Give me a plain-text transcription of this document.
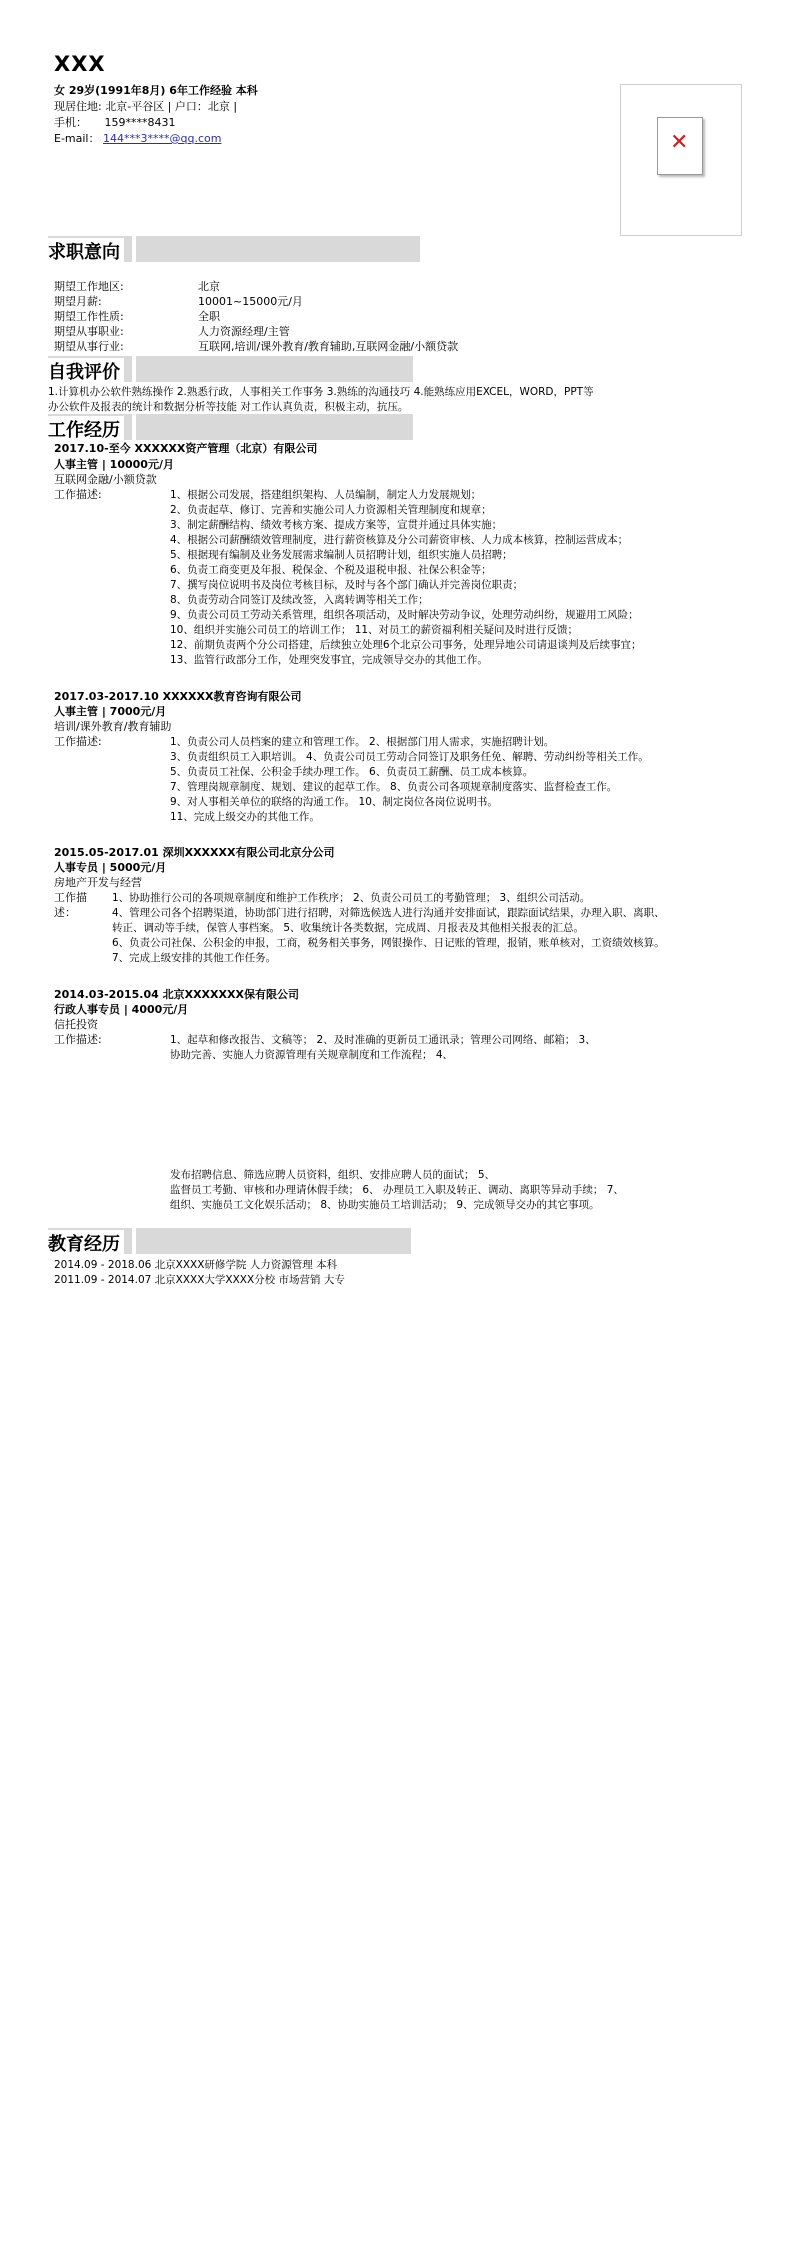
XXX
女 29岁(1991年8月) 6年工作经验 本科
现居住地: 北京-平谷区 | 户口：北京 |
手机： 159****8431
E-mail： 144***3****@qq.com	✕
求职意向
期望工作地区:	北京
期望月薪:	10001~15000元/月
期望工作性质:	全职
期望从事职业:	人力资源经理/主管
期望从事行业:	互联网,培训/课外教育/教育辅助,互联网金融/小额贷款
自我评价
1.计算机办公软件熟练操作 2.熟悉行政，人事相关工作事务 3.熟练的沟通技巧 4.能熟练应用EXCEL，WORD，PPT等
办公软件及报表的统计和数据分析等技能 对工作认真负责，积极主动，抗压。
工作经历
2017.10-至今 XXXXXX资产管理（北京）有限公司
人事主管 | 10000元/月
互联网金融/小额贷款
工作描述:	1、根据公司发展，搭建组织架构、人员编制，制定人力发展规划；
2、负责起草、修订、完善和实施公司人力资源相关管理制度和规章；
3、制定薪酬结构、绩效考核方案、提成方案等，宣贯并通过具体实施；
4、根据公司薪酬绩效管理制度，进行薪资核算及分公司薪资审核、人力成本核算，控制运营成本；
5、根据现有编制及业务发展需求编制人员招聘计划，组织实施人员招聘；
6、负责工商变更及年报、税保金、个税及退税申报、社保公积金等；
7、撰写岗位说明书及岗位考核目标，及时与各个部门确认并完善岗位职责；
8、负责劳动合同签订及续改签，入离转调等相关工作；
9、负责公司员工劳动关系管理，组织各项活动，及时解决劳动争议，处理劳动纠纷，规避用工风险；
10、组织并实施公司员工的培训工作； 11、对员工的薪资福利相关疑问及时进行反馈；
12、前期负责两个分公司搭建，后续独立处理6个北京公司事务，处理异地公司请退谈判及后续事宜；
13、监管行政部分工作，处理突发事宜，完成领导交办的其他工作。
2017.03-2017.10 XXXXXX教育咨询有限公司
人事主管 | 7000元/月
培训/课外教育/教育辅助
工作描述:	1、负责公司人员档案的建立和管理工作。 2、根据部门用人需求，实施招聘计划。
3、负责组织员工入职培训。 4、负责公司员工劳动合同签订及职务任免、解聘、劳动纠纷等相关工作。
5、负责员工社保、公积金手续办理工作。 6、负责员工薪酬、员工成本核算。
7、管理岗规章制度、规划、建议的起草工作。 8、负责公司各项规章制度落实、监督检查工作。
9、对人事相关单位的联络的沟通工作。 10、制定岗位各岗位说明书。
11、完成上级交办的其他工作。
2015.05-2017.01 深圳XXXXXX有限公司北京分公司
人事专员 | 5000元/月
房地产开发与经营
工作描
述：
1、协助推行公司的各项规章制度和维护工作秩序； 2、负责公司员工的考勤管理； 3、组织公司活动。
4、管理公司各个招聘渠道，协助部门进行招聘，对筛选候选人进行沟通并安排面试，跟踪面试结果，办理入职、离职、
转正、调动等手续，保管人事档案。 5、收集统计各类数据，完成周、月报表及其他相关报表的汇总。
6、负责公司社保、公积金的申报，工商，税务相关事务，网银操作、日记账的管理，报销，账单核对，工资绩效核算。
7、完成上级安排的其他工作任务。
2014.03-2015.04 北京XXXXXXX保有限公司
行政人事专员 | 4000元/月
信托投资
工作描述:	1、起草和修改报告、文稿等； 2、及时准确的更新员工通讯录；管理公司网络、邮箱； 3、
协助完善、实施人力资源管理有关规章制度和工作流程； 4、
发布招聘信息、筛选应聘人员资料，组织、安排应聘人员的面试； 5、
监督员工考勤、审核和办理请休假手续； 6、 办理员工入职及转正、调动、离职等异动手续； 7、
组织、实施员工文化娱乐活动； 8、协助实施员工培训活动； 9、完成领导交办的其它事项。
教育经历
2014.09 - 2018.06 北京XXXX研修学院 人力资源管理 本科
2011.09 - 2014.07 北京XXXX大学XXXX分校 市场营销 大专
